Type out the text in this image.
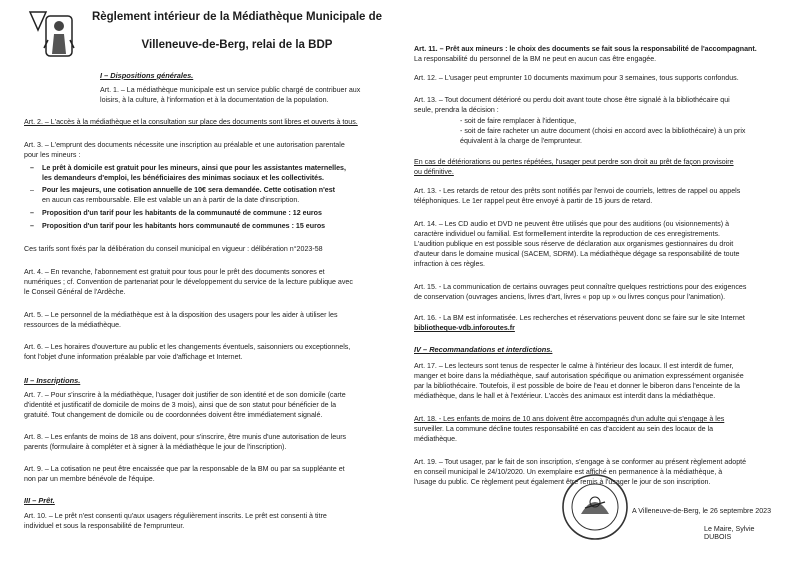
Règlement intérieur de la Médiathèque Municipale de
Villeneuve-de-Berg, relai de la BDP
I – Dispositions générales.

Art. 1. – La médiathèque municipale est un service public chargé de contribuer aux

loisirs, à la culture, à l'information et à la documentation de la population.

Art. 2. – L'accès à la médiathèque et la consultation sur place des documents sont libres et ouverts à tous.

Art. 3. – L'emprunt des documents nécessite une inscription au préalable et une autorisation parentale

pour les mineurs :

– Le prêt à domicile est gratuit pour les mineurs, ainsi que pour les assistantes maternelles,
les demandeurs d'emploi, les bénéficiaires des minimas sociaux et les collectivités.
– Pour les majeurs, une cotisation annuelle de 10€ sera demandée. Cette cotisation n'est
en aucun cas remboursable. Elle est valable un an à partir de la date d'inscription.
– Proposition d'un tarif pour les habitants de la communauté de commune : 12 euros
– Proposition d'un tarif pour les habitants hors communauté de communes : 15 euros

Ces tarifs sont fixés par la délibération du conseil municipal en vigueur : délibération n°2023-58

Art. 4. – En revanche, l'abonnement est gratuit pour tous pour le prêt des documents sonores et

numériques ; cf. Convention de partenariat pour le développement du service de la lecture publique avec

le Conseil Général de l'Ardèche.

Art. 5. – Le personnel de la médiathèque est à la disposition des usagers pour les aider à utiliser les

ressources de la médiathèque.

Art. 6. – Les horaires d'ouverture au public et les changements éventuels, saisonniers ou exceptionnels,

font l'objet d'une information préalable par voie d'affichage et Internet.

II – Inscriptions.

Art. 7. – Pour s'inscrire à la médiathèque, l'usager doit justifier de son identité et de son domicile (carte

d'identité et justificatif de domicile de moins de 3 mois), ainsi que de son statut pour bénéficier de la

gratuité. Tout changement de domicile ou de coordonnées doivent être immédiatement signalé.

Art. 8. – Les enfants de moins de 18 ans doivent, pour s'inscrire, être munis d'une autorisation de leurs

parents (formulaire à compléter et à signer à la médiathèque le jour de l'inscription).

Art. 9. – La cotisation ne peut être encaissée que par la responsable de la BM ou par sa suppléante et

non par un membre bénévole de l'équipe.

III – Prêt.

Art. 10. – Le prêt n'est consenti qu'aux usagers régulièrement inscrits. Le prêt est consenti à titre

individuel et sous la responsabilité de l'emprunteur.

Art. 11. – Prêt aux mineurs : le choix des documents se fait sous la responsabilité de l'accompagnant.

La responsabilité du personnel de la BM ne peut en aucun cas être engagée.

Art. 12. – L'usager peut emprunter 10 documents maximum pour 3 semaines, tous supports confondus.

Art. 13. – Tout document détérioré ou perdu doit avant toute chose être signalé à la bibliothécaire qui

seule, prendra la décision :

- soit de faire remplacer à l'identique,

- soit de faire racheter un autre document (choisi en accord avec la bibliothécaire) à un prix

équivalent à la charge de l'emprunteur.

En cas de détériorations ou pertes répétées, l'usager peut perdre son droit au prêt de façon provisoire

ou définitive.

Art. 13. - Les retards de retour des prêts sont notifiés par l'envoi de courriels, lettres de rappel ou appels

téléphoniques. Le 1er rappel peut être envoyé à partir de 15 jours de retard.

Art. 14. – Les CD audio et DVD ne peuvent être utilisés que pour des auditions (ou visionnements) à

caractère individuel ou familial. Est formellement interdite la reproduction de ces enregistrements.

L'audition publique en est possible sous réserve de déclaration aux organismes gestionnaires du droit

d'auteur dans le domaine musical (SACEM, SDRM). La médiathèque dégage sa responsabilité de toute

infraction à ces règles.

Art. 15. - La communication de certains ouvrages peut connaître quelques restrictions pour des exigences

de conservation (ouvrages anciens, livres d'art, livres « pop up » ou livres conçus pour l'animation).

Art. 16. - La BM est informatisée. Les recherches et réservations peuvent donc se faire sur le site Internet

bibliotheque-vdb.inforoutes.fr

IV – Recommandations et interdictions.

Art. 17. – Les lecteurs sont tenus de respecter le calme à l'intérieur des locaux. Il est interdit de fumer,

manger et boire dans la médiathèque, sauf autorisation spécifique ou animation expressément organisée

par la bibliothécaire. Toutefois, il est possible de boire de l'eau et donner le biberon dans l'enceinte de la

médiathèque, dans le hall et à l'extérieur. L'accès des animaux est interdit dans la médiathèque.

Art. 18. - Les enfants de moins de 10 ans doivent être accompagnés d'un adulte qui s'engage à les

surveiller. La commune décline toutes responsabilité en cas d'accident au sein des locaux de la

médiathèque.

Art. 19. – Tout usager, par le fait de son inscription, s'engage à se conformer au présent règlement adopté

en conseil municipal le 24/10/2020. Un exemplaire est affiché en permanence à la médiathèque, à

l'usage du public. Ce règlement peut également être remis à l'usager le jour de son inscription.

A Villeneuve-de-Berg, le 26 septembre 2023
Le Maire, Sylvie DUBOIS
